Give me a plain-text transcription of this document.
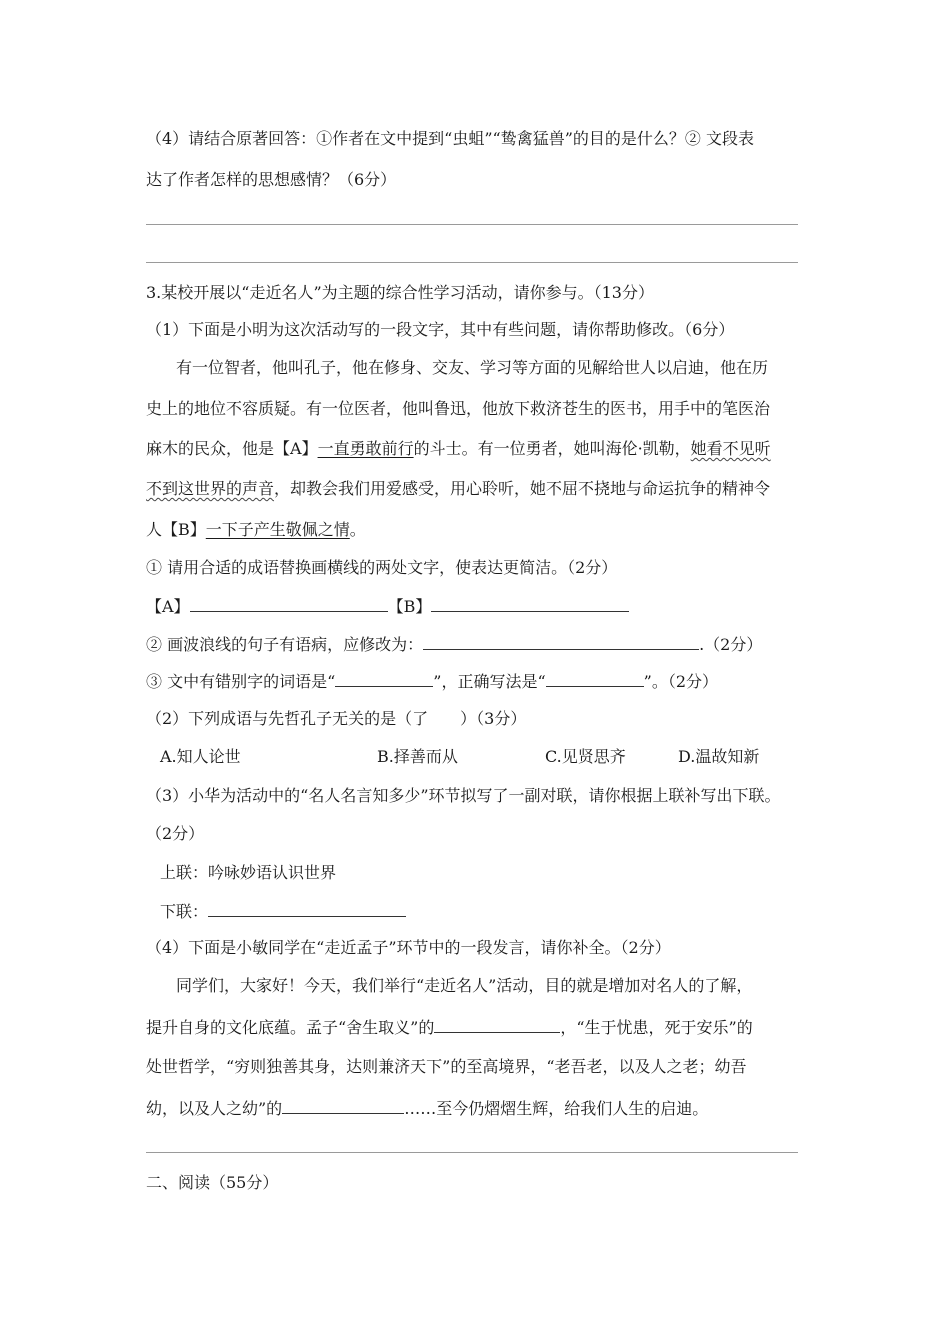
（4）请结合原著回答：①作者在文中提到“虫蛆”“鸷禽猛兽”的目的是什么？② 文段表
达了作者怎样的思想感情？（6分）
3.某校开展以“走近名人”为主题的综合性学习活动，请你参与。（13分）
（1）下面是小明为这次活动写的一段文字，其中有些问题，请你帮助修改。（6分）
有一位智者，他叫孔子，他在修身、交友、学习等方面的见解给世人以启迪，他在历
史上的地位不容质疑。有一位医者，他叫鲁迅，他放下救济苍生的医书，用手中的笔医治
麻木的民众，他是【A】一直勇敢前行的斗士。有一位勇者，她叫海伦·凯勒，她看不见听
不到这世界的声音，却教会我们用爱感受，用心聆听，她不屈不挠地与命运抗争的精神令
人【B】一下子产生敬佩之情。
① 请用合适的成语替换画横线的两处文字，使表达更简洁。（2分）
【A】	【B】
② 画波浪线的句子有语病，应修改为：	.（2分）
③ 文中有错别字的词语是“	”，正确写法是“	”。（2分）
（2）下列成语与先哲孔子无关的是（了　　）（3分）
A.知人论世	B.择善而从	C.见贤思齐	D.温故知新
（3）小华为活动中的“名人名言知多少”环节拟写了一副对联，请你根据上联补写出下联。
（2分）
上联：吟咏妙语认识世界
下联：
（4）下面是小敏同学在“走近孟子”环节中的一段发言，请你补全。（2分）
同学们，大家好！今天，我们举行“走近名人”活动，目的就是增加对名人的了解，
提升自身的文化底蕴。孟子“舍生取义”的	，“生于忧患，死于安乐”的
处世哲学，“穷则独善其身，达则兼济天下”的至高境界，“老吾老，以及人之老；幼吾
幼，以及人之幼”的	……至今仍熠熠生辉，给我们人生的启迪。
二、阅读（55分）
